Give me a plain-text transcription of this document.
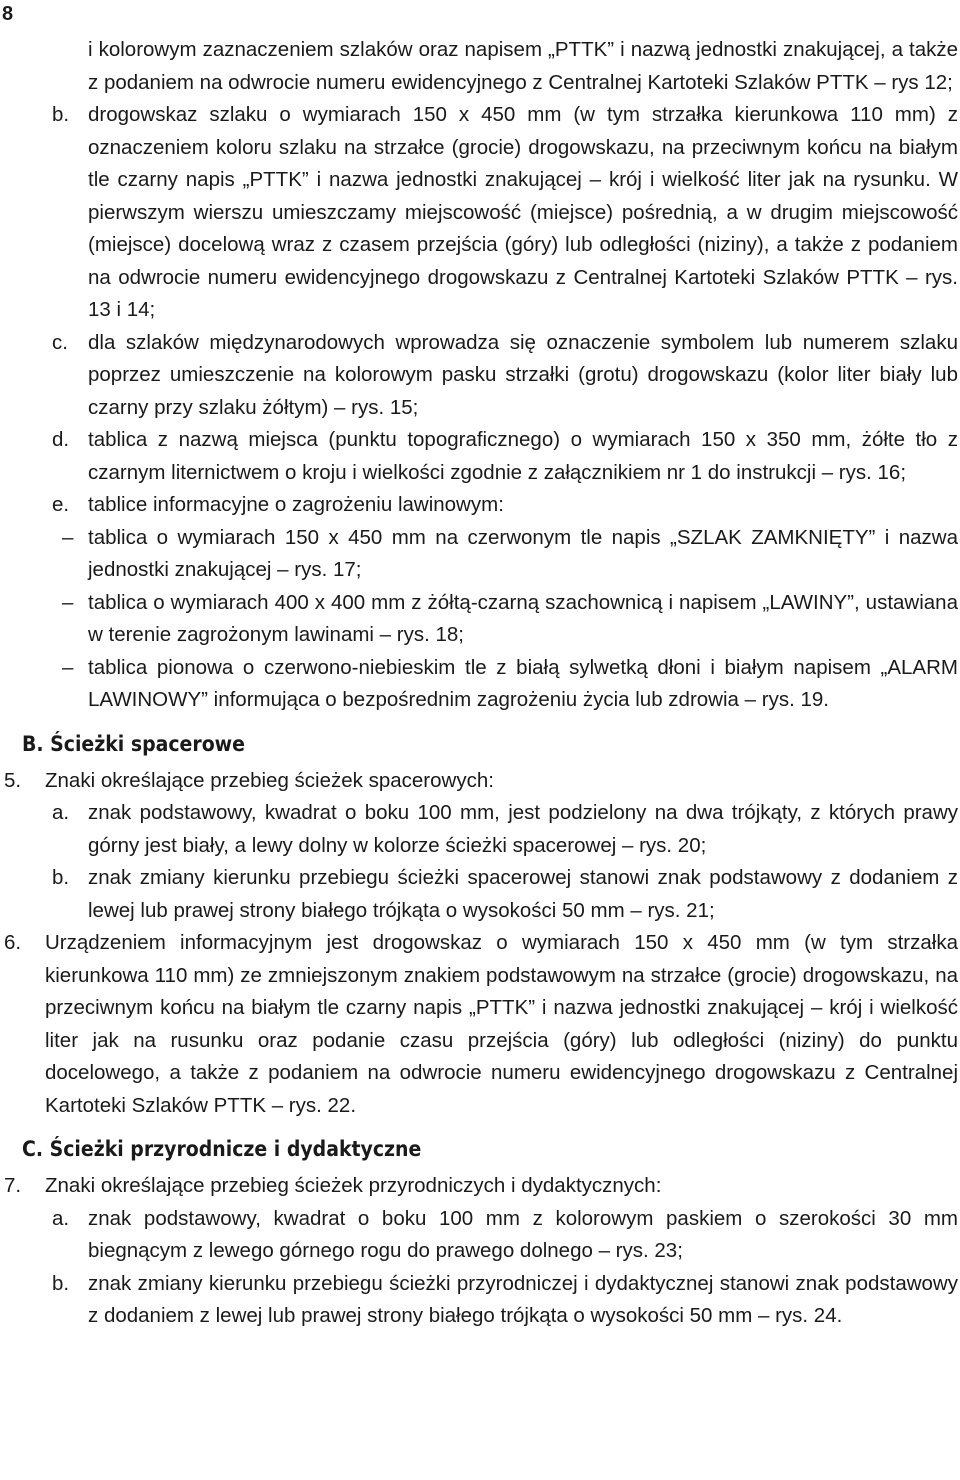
8

i kolorowym zaznaczeniem szlaków oraz napisem „PTTK” i nazwą jednostki znakującej, a także z podaniem na odwrocie numeru ewidencyjnego z Centralnej Kartoteki Szlaków PTTK – rys 12;

b. drogowskaz szlaku o wymiarach 150 x 450 mm (w tym strzałka kierunkowa 110 mm) z oznaczeniem koloru szlaku na strzałce (grocie) drogowskazu, na przeciwnym końcu na białym tle czarny napis „PTTK” i nazwa jednostki znakującej – krój i wielkość liter jak na rysunku. W pierwszym wierszu umieszczamy miejscowość (miejsce) pośrednią, a w drugim miejscowość (miejsce) docelową wraz z czasem przejścia (góry) lub odległości (niziny), a także z podaniem na odwrocie numeru ewidencyjnego drogowskazu z Centralnej Kartoteki Szlaków PTTK – rys. 13 i 14;

c. dla szlaków międzynarodowych wprowadza się oznaczenie symbolem lub numerem szlaku poprzez umieszczenie na kolorowym pasku strzałki (grotu) drogowskazu (kolor liter biały lub czarny przy szlaku żółtym) – rys. 15;

d. tablica z nazwą miejsca (punktu topograficznego) o wymiarach 150 x 350 mm, żółte tło z czarnym liternictwem o kroju i wielkości zgodnie z załącznikiem nr 1 do instrukcji – rys. 16;

e. tablice informacyjne o zagrożeniu lawinowym:

– tablica o wymiarach 150 x 450 mm na czerwonym tle napis „SZLAK ZAMKNIĘTY” i nazwa jednostki znakującej – rys. 17;

– tablica o wymiarach 400 x 400 mm z żółtą-czarną szachownicą i napisem „LAWINY”, ustawiana w terenie zagrożonym lawinami – rys. 18;

– tablica pionowa o czerwono-niebieskim tle z białą sylwetką dłoni i białym napisem „ALARM LAWINOWY” informująca o bezpośrednim zagrożeniu życia lub zdrowia – rys. 19.

B. Ścieżki spacerowe

5. Znaki określające przebieg ścieżek spacerowych:

a. znak podstawowy, kwadrat o boku 100 mm, jest podzielony na dwa trójkąty, z których prawy górny jest biały, a lewy dolny w kolorze ścieżki spacerowej – rys. 20;

b. znak zmiany kierunku przebiegu ścieżki spacerowej stanowi znak podstawowy z dodaniem z lewej lub prawej strony białego trójkąta o wysokości 50 mm – rys. 21;

6. Urządzeniem informacyjnym jest drogowskaz o wymiarach 150 x 450 mm (w tym strzałka kierunkowa 110 mm) ze zmniejszonym znakiem podstawowym na strzałce (grocie) drogowskazu, na przeciwnym końcu na białym tle czarny napis „PTTK” i nazwa jednostki znakującej – krój i wielkość liter jak na rusunku oraz podanie czasu przejścia (góry) lub odległości (niziny) do punktu docelowego, a także z podaniem na odwrocie numeru ewidencyjnego drogowskazu z Centralnej Kartoteki Szlaków PTTK – rys. 22.

C. Ścieżki przyrodnicze i dydaktyczne

7. Znaki określające przebieg ścieżek przyrodniczych i dydaktycznych:

a. znak podstawowy, kwadrat o boku 100 mm z kolorowym paskiem o szerokości 30 mm biegnącym z lewego górnego rogu do prawego dolnego – rys. 23;

b. znak zmiany kierunku przebiegu ścieżki przyrodniczej i dydaktycznej stanowi znak podstawowy z dodaniem z lewej lub prawej strony białego trójkąta o wysokości 50 mm – rys. 24.
